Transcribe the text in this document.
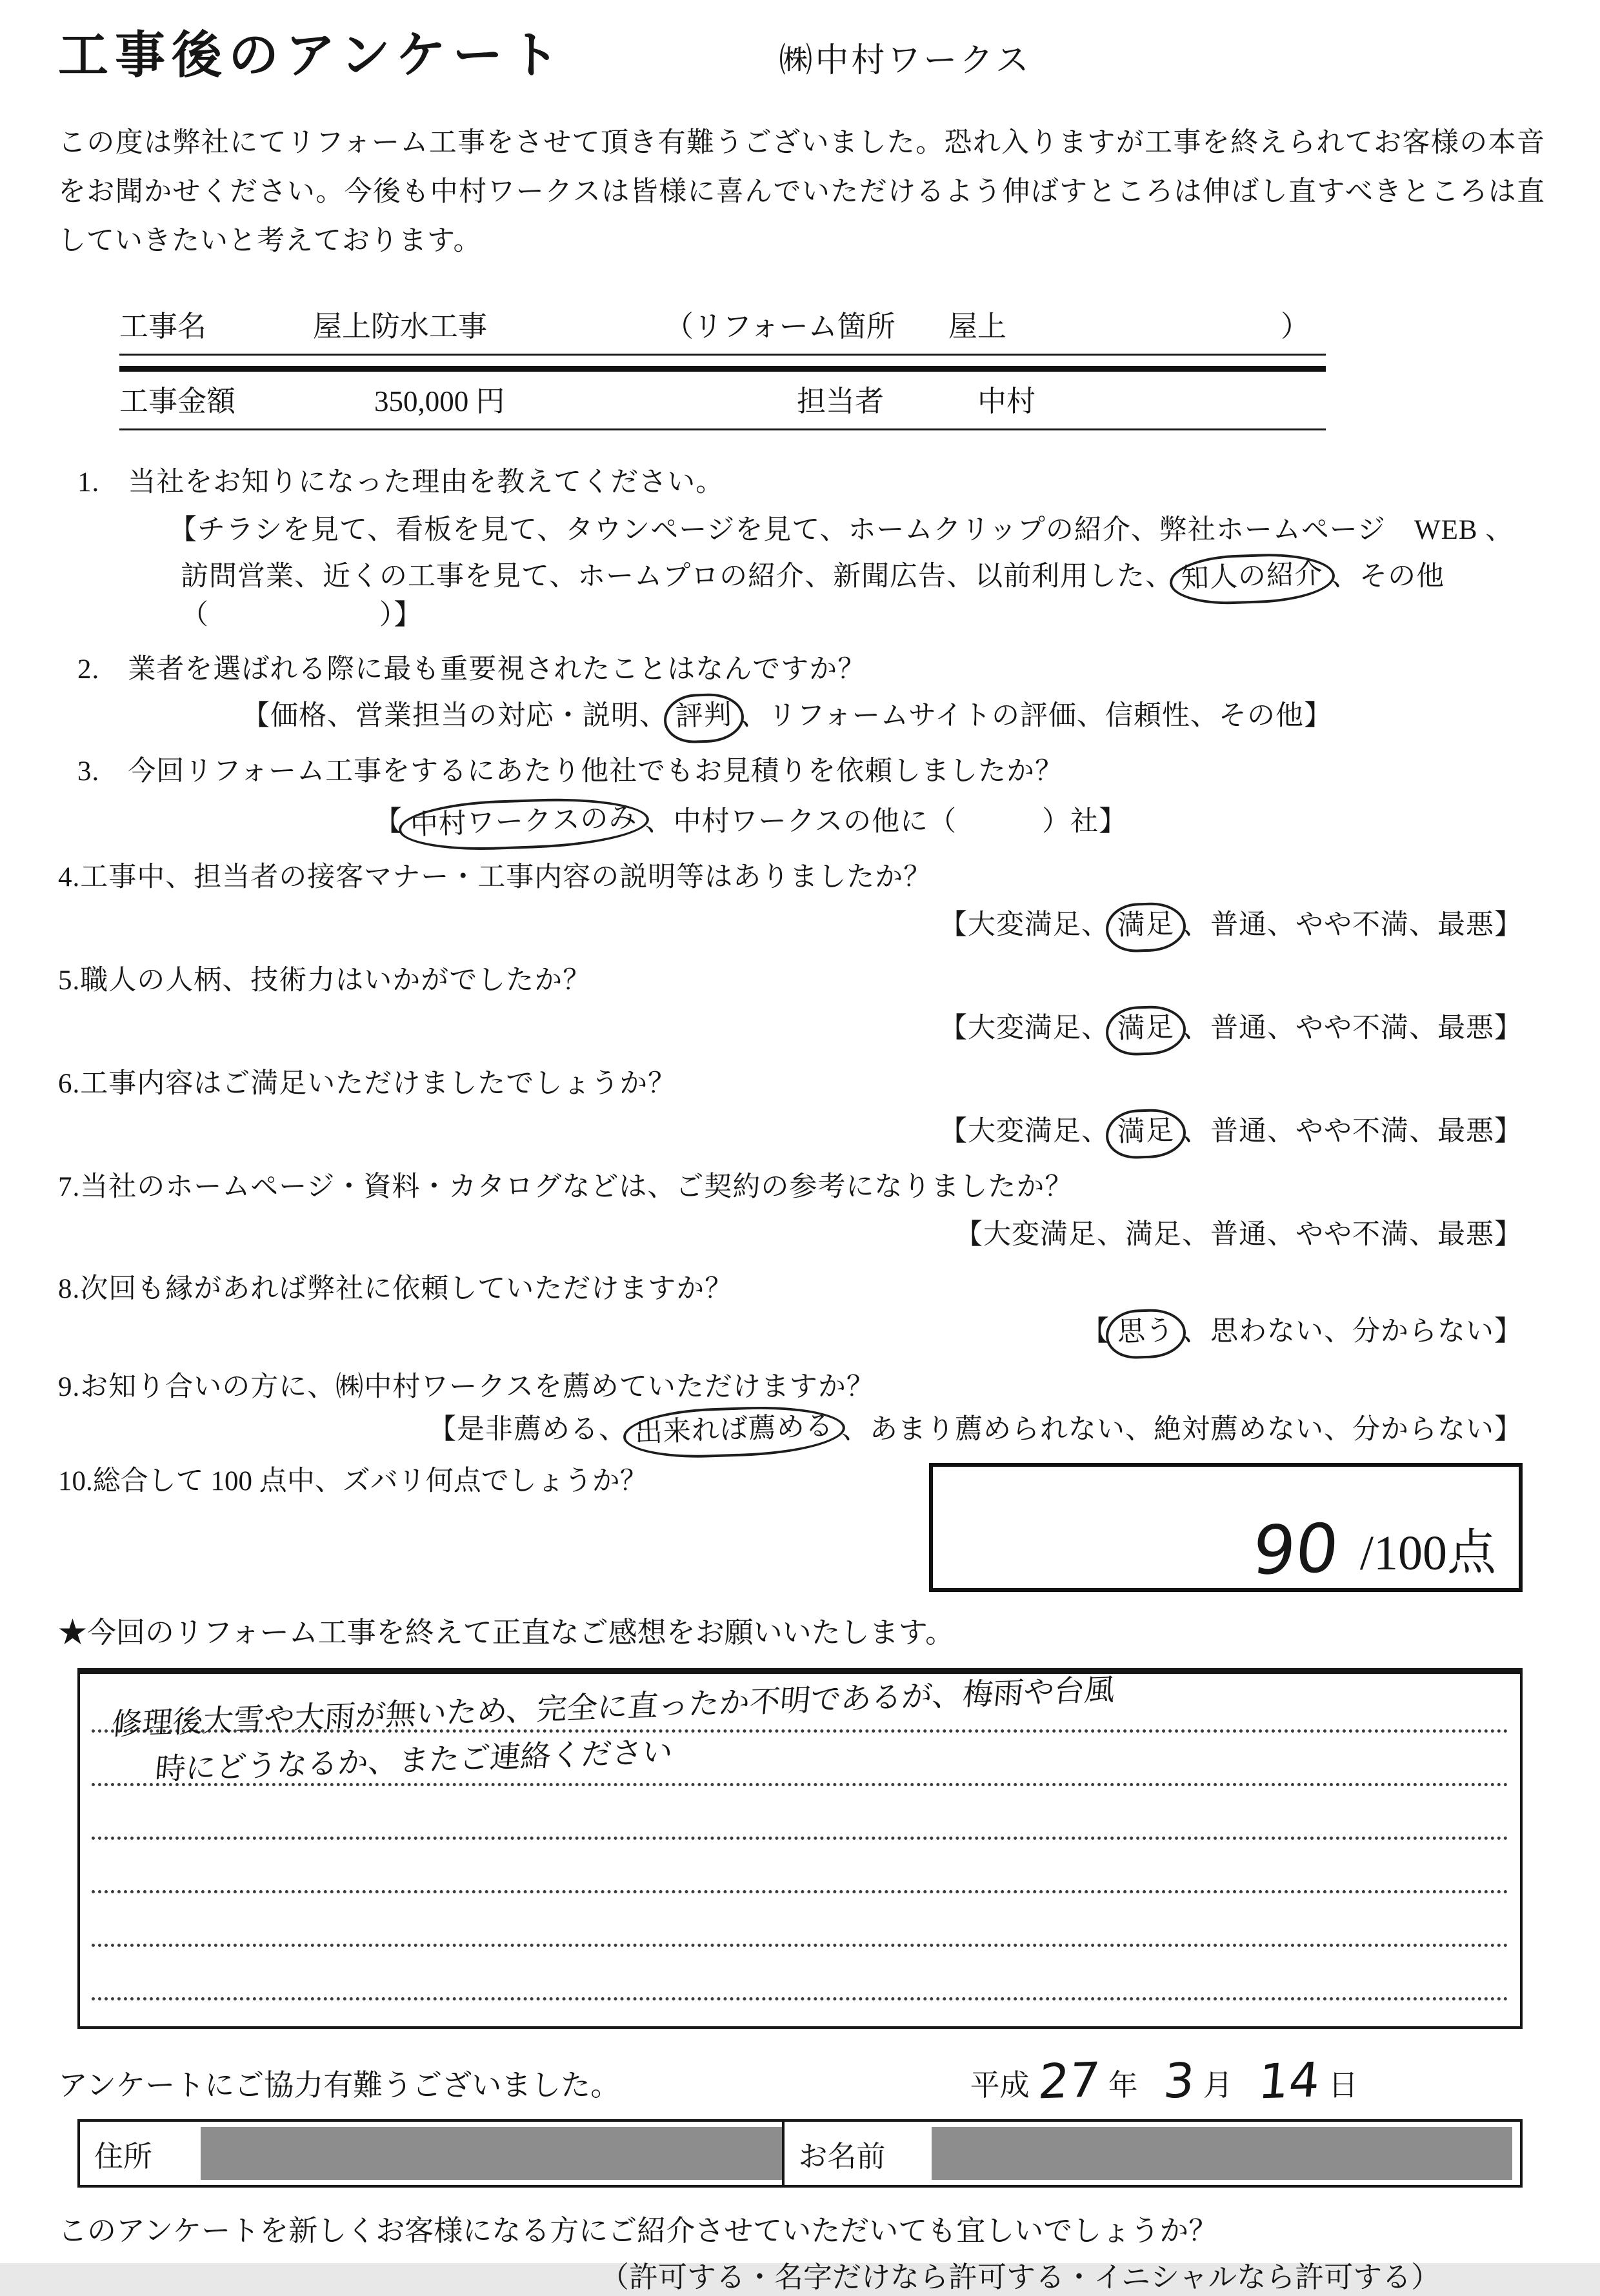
工事後のアンケート	㈱中村ワークス

この度は弊社にてリフォーム工事をさせて頂き有難うございました。恐れ入りますが工事を終えられてお客様の本音をお聞かせください。今後も中村ワークスは皆様に喜んでいただけるよう伸ばすところは伸ばし直すべきところは直していきたいと考えております。

工事名	屋上防水工事	（リフォーム箇所	屋上	）
工事金額	350,000 円	担当者	中村
1.　当社をお知りになった理由を教えてください。
【チラシを見て、看板を見て、タウンページを見て、ホームクリップの紹介、弊社ホームページ　WEB 、
訪問営業、近くの工事を見て、ホームプロの紹介、新聞広告、以前利用した、 知人の紹介 、その他（　　　　　　）】
2.　業者を選ばれる際に最も重要視されたことはなんですか？
【価格、営業担当の対応・説明、 評判 、リフォームサイトの評価、信頼性、その他】
3.　今回リフォーム工事をするにあたり他社でもお見積りを依頼しましたか？
【 中村ワークスのみ 、中村ワークスの他に（　　　）社】
4.工事中、担当者の接客マナー・工事内容の説明等はありましたか？
【大変満足、 満足 、普通、やや不満、最悪】
5.職人の人柄、技術力はいかがでしたか？
【大変満足、 満足 、普通、やや不満、最悪】
6.工事内容はご満足いただけましたでしょうか？
【大変満足、 満足 、普通、やや不満、最悪】
7.当社のホームページ・資料・カタログなどは、ご契約の参考になりましたか？
【大変満足、満足、普通、やや不満、最悪】
8.次回も縁があれば弊社に依頼していただけますか？
【 思う 、思わない、分からない】
9.お知り合いの方に、㈱中村ワークスを薦めていただけますか？
【是非薦める、 出来れば薦める 、あまり薦められない、絶対薦めない、分からない】
10.総合して 100 点中、ズバリ何点でしょうか？
90 /100点
★今回のリフォーム工事を終えて正直なご感想をお願いいたします。
修理後大雪や大雨が無いため、完全に直ったか不明であるが、梅雨や台風
時にどうなるか、またご連絡ください
アンケートにご協力有難うございました。	平成 27 年 3 月 14 日
住所	お名前
このアンケートを新しくお客様になる方にご紹介させていただいても宜しいでしょうか？
（許可する・名字だけなら許可する・イニシャルなら許可する）
